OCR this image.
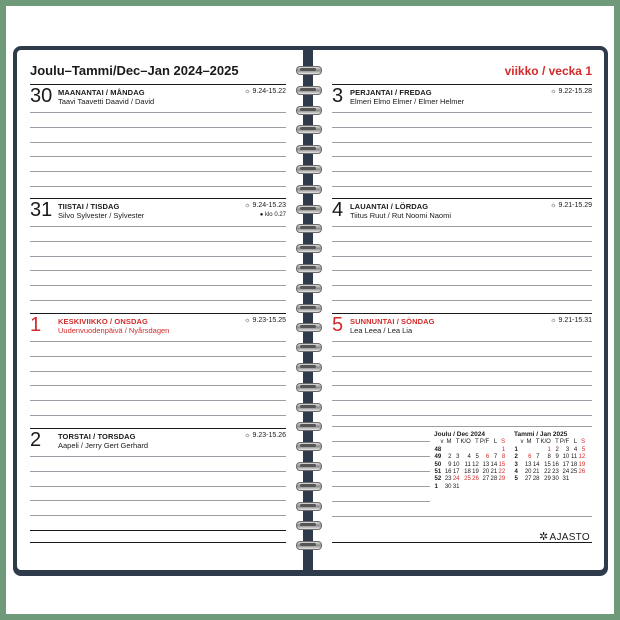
Joulu–Tammi/Dec–Jan 2024–2025	viikko / vecka 1
30 MAANANTAI / MÅNDAG
Taavi Taavetti Daavid / David
☼ 9.24-15.22
31 TIISTAI / TISDAG
Silvo Sylvester / Sylvester
☼ 9.24-15.23
● klo 0.27
1 KESKIVIIKKO / ONSDAG
Uudenvuodenpäivä / Nyårsdagen
☼ 9.23-15.25
2 TORSTAI / TORSDAG
Aapeli / Jerry Gert Gerhard
☼ 9.23-15.26
3 PERJANTAI / FREDAG
Elmeri Elmo Elmer / Elmer Helmer
☼ 9.22-15.28
4 LAUANTAI / LÖRDAG
Tiitus Ruut / Rut Noomi Naomi
☼ 9.21-15.29
5 SUNNUNTAI / SÖNDAG
Lea Leea / Lea Lia
☼ 9.21-15.31
Joulu / Dec 2024
v	M	T	K/O	T	P/F	L	S
48							1
49	2	3	4	5	6	7	8
50	9	10	11	12	13	14	15
51	16	17	18	19	20	21	22
52	23	24	25	26	27	28	29
1	30	31					
Tammi / Jan 2025
v	M	T	K/O	T	P/F	L	S
1			1	2	3	4	5
2	6	7	8	9	10	11	12
3	13	14	15	16	17	18	19
4	20	21	22	23	24	25	26
5	27	28	29	30	31		
✲AJASTO
